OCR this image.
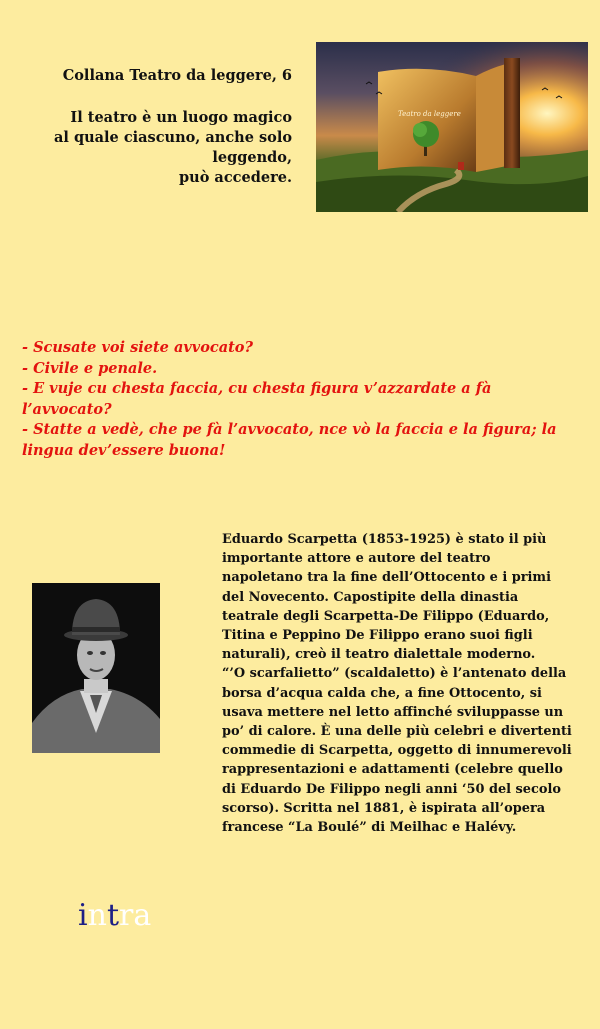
Collana Teatro da leggere, 6
Il teatro è un luogo magico
al quale ciascuno, anche solo leggendo,
può accedere.
Teatro da leggere
- Scusate voi siete avvocato?
- Civile e penale.
- E vuje cu chesta faccia, cu chesta figura v’azzardate a fà l’avvocato?
- Statte a vedè, che pe fà l’avvocato, nce vò la faccia e la figura; la lingua dev’essere buona!
Eduardo Scarpetta (1853-1925) è stato il più importante attore e autore del teatro napoletano tra la fine dell’Ottocento e i primi del Novecento. Capostipite della dinastia teatrale degli Scarpetta-De Filippo (Eduardo, Titina e Peppino De Filippo erano suoi figli naturali), creò il teatro dialettale moderno.
“’O scarfalietto” (scaldaletto) è l’antenato della borsa d’acqua calda che, a fine Ottocento, si usava mettere nel letto affinché sviluppasse un po’ di calore. È una delle più celebri e divertenti commedie di Scarpetta, oggetto di innumerevoli rappresentazioni e adattamenti (celebre quello di Eduardo De Filippo negli anni ‘50 del secolo scorso). Scritta nel 1881, è ispirata all’opera francese “La Boulé” di Meilhac e Halévy.
intra
